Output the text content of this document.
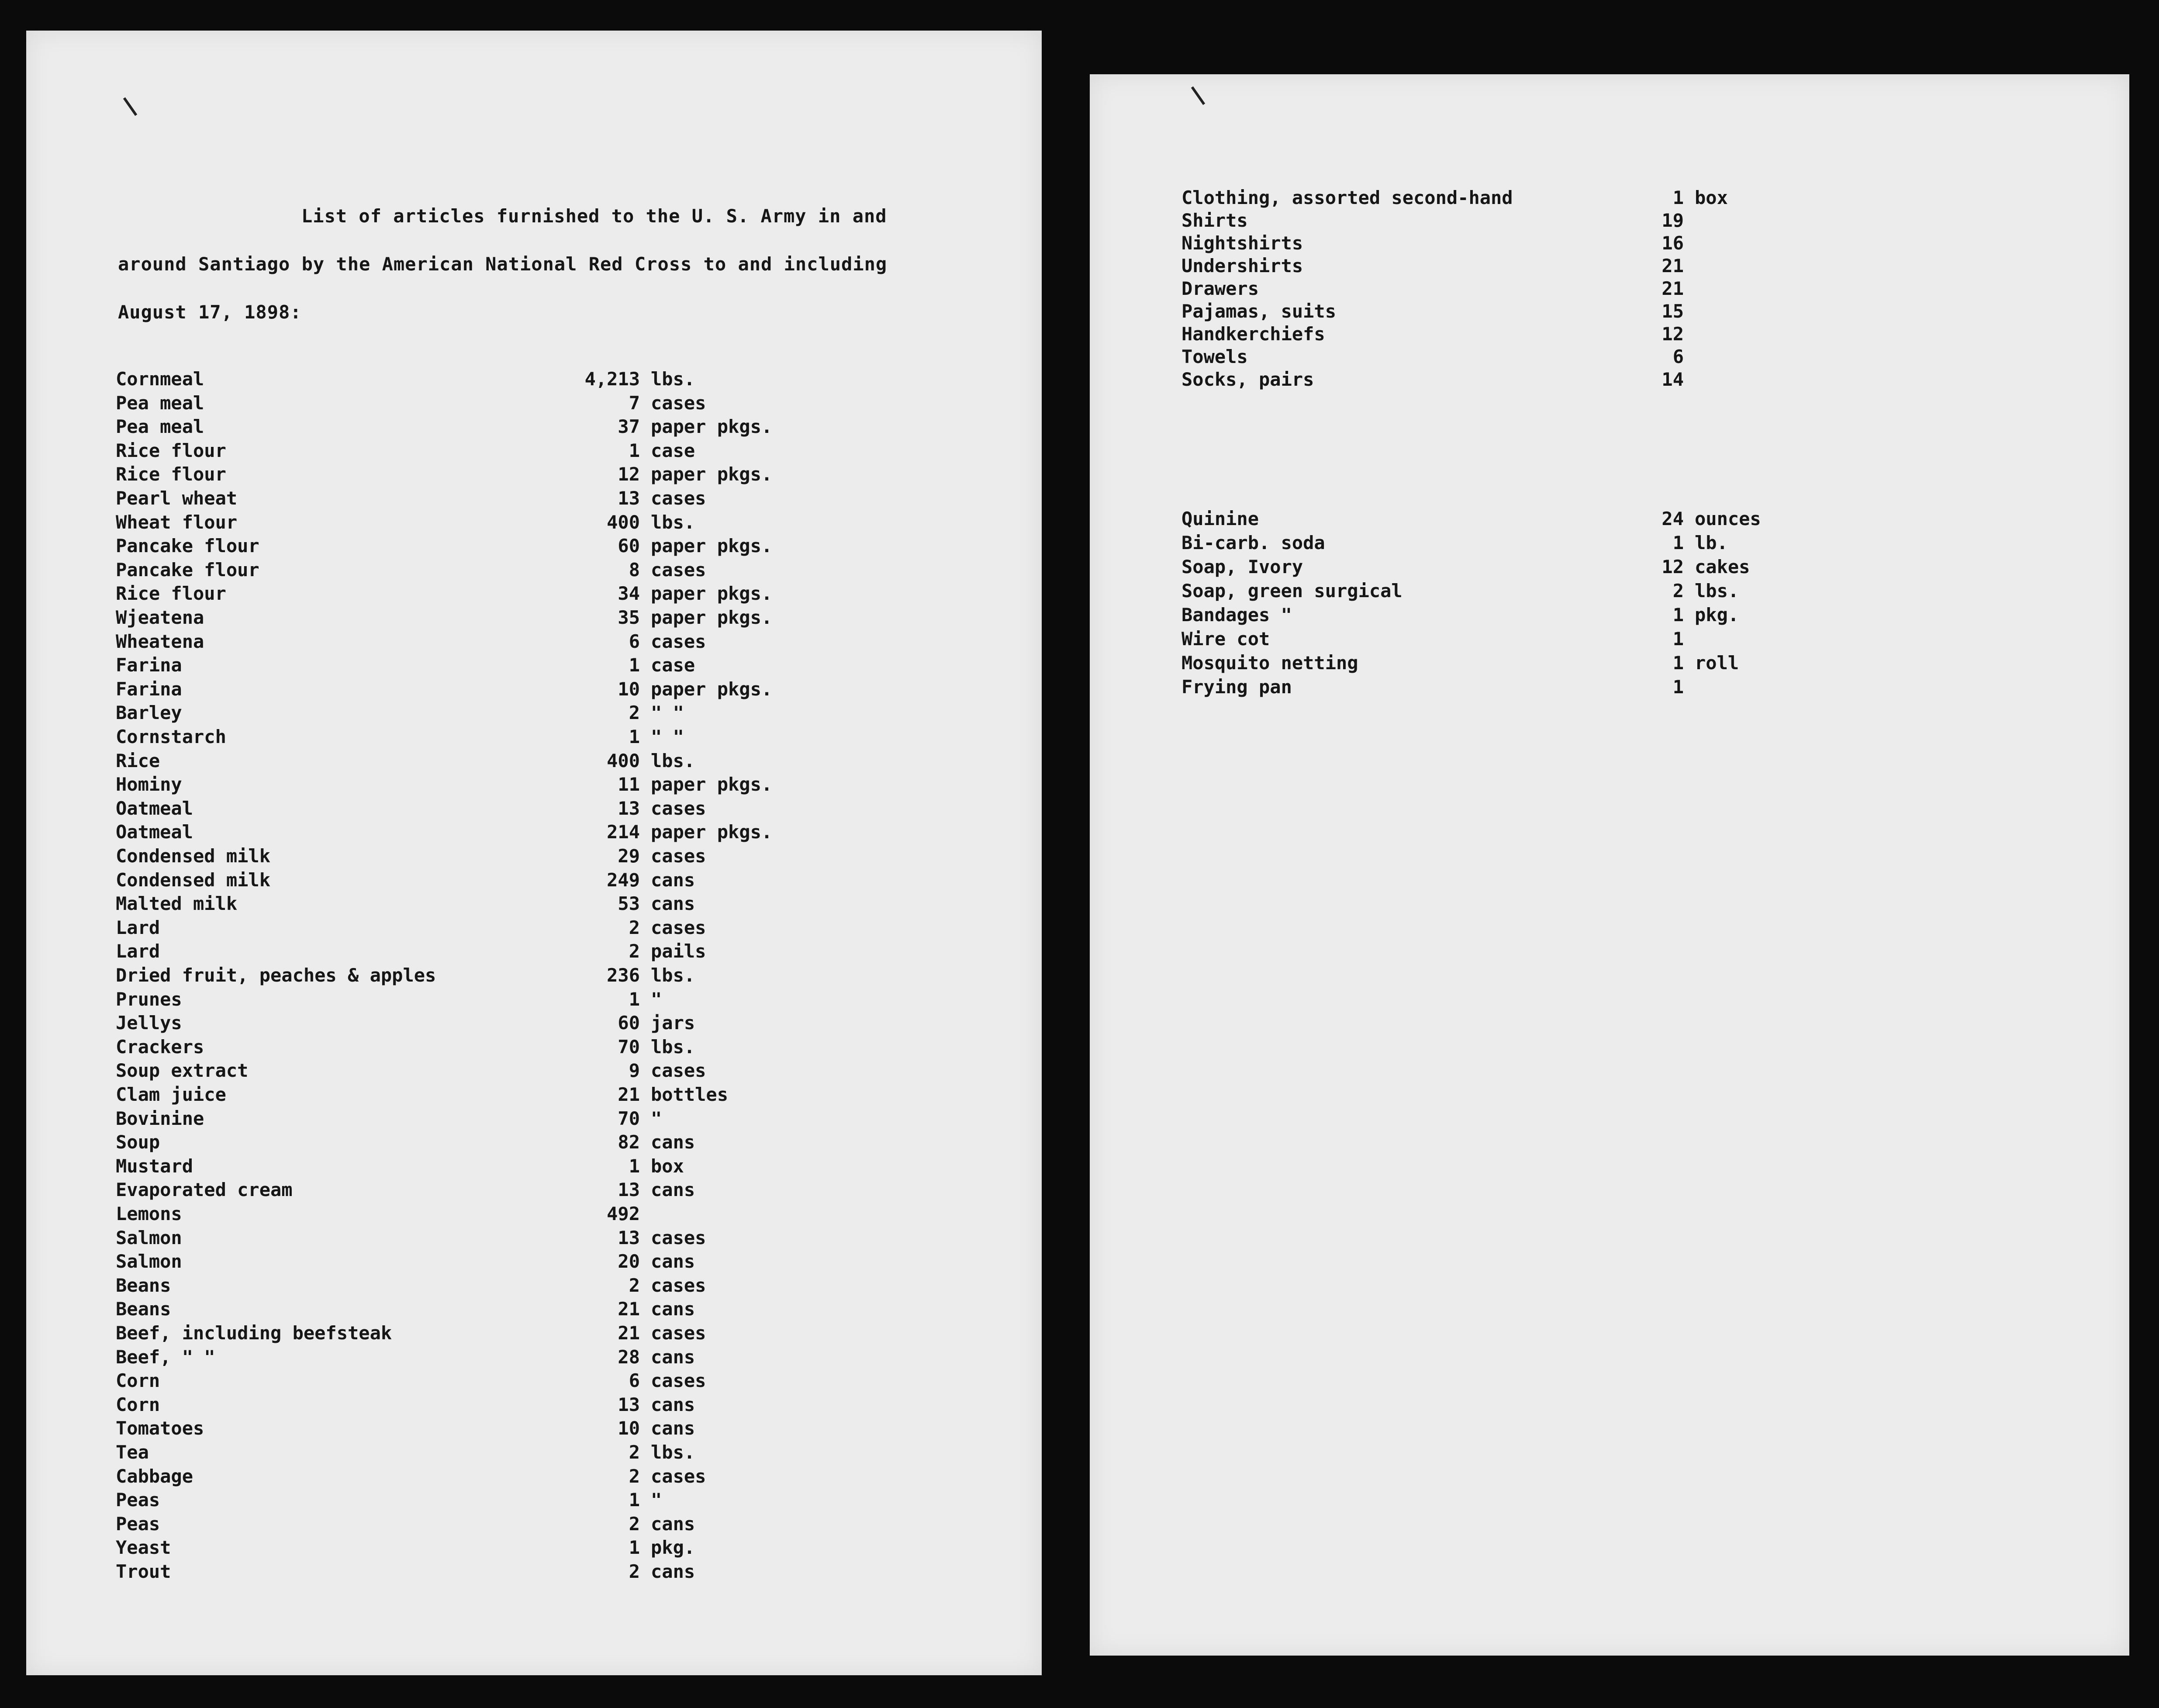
List of articles furnished to the U. S. Army in and
around Santiago by the American National Red Cross to and including
August 17, 1898:
Cornmeal	4,213 lbs.
Pea meal	7 cases
Pea meal	37 paper pkgs.
Rice flour	1 case
Rice flour	12 paper pkgs.
Pearl wheat	13 cases
Wheat flour	400 lbs.
Pancake flour	60 paper pkgs.
Pancake flour	8 cases
Rice flour	34 paper pkgs.
Wjeatena	35 paper pkgs.
Wheatena	6 cases
Farina	1 case
Farina	10 paper pkgs.
Barley	2 " "
Cornstarch	1 " "
Rice	400 lbs.
Hominy	11 paper pkgs.
Oatmeal	13 cases
Oatmeal	214 paper pkgs.
Condensed milk	29 cases
Condensed milk	249 cans
Malted milk	53 cans
Lard	2 cases
Lard	2 pails
Dried fruit, peaches & apples	236 lbs.
Prunes	1 "
Jellys	60 jars
Crackers	70 lbs.
Soup extract	9 cases
Clam juice	21 bottles
Bovinine	70 "
Soup	82 cans
Mustard	1 box
Evaporated cream	13 cans
Lemons	492
Salmon	13 cases
Salmon	20 cans
Beans	2 cases
Beans	21 cans
Beef, including beefsteak	21 cases
Beef, " "	28 cans
Corn	6 cases
Corn	13 cans
Tomatoes	10 cans
Tea	2 lbs.
Cabbage	2 cases
Peas	1 "
Peas	2 cans
Yeast	1 pkg.
Trout	2 cans
Clothing, assorted second-hand	1 box
Shirts	19
Nightshirts	16
Undershirts	21
Drawers	21
Pajamas, suits	15
Handkerchiefs	12
Towels	6
Socks, pairs	14
Quinine	24 ounces
Bi-carb. soda	1 lb.
Soap, Ivory	12 cakes
Soap, green surgical	2 lbs.
Bandages "	1 pkg.
Wire cot	1
Mosquito netting	1 roll
Frying pan	1
